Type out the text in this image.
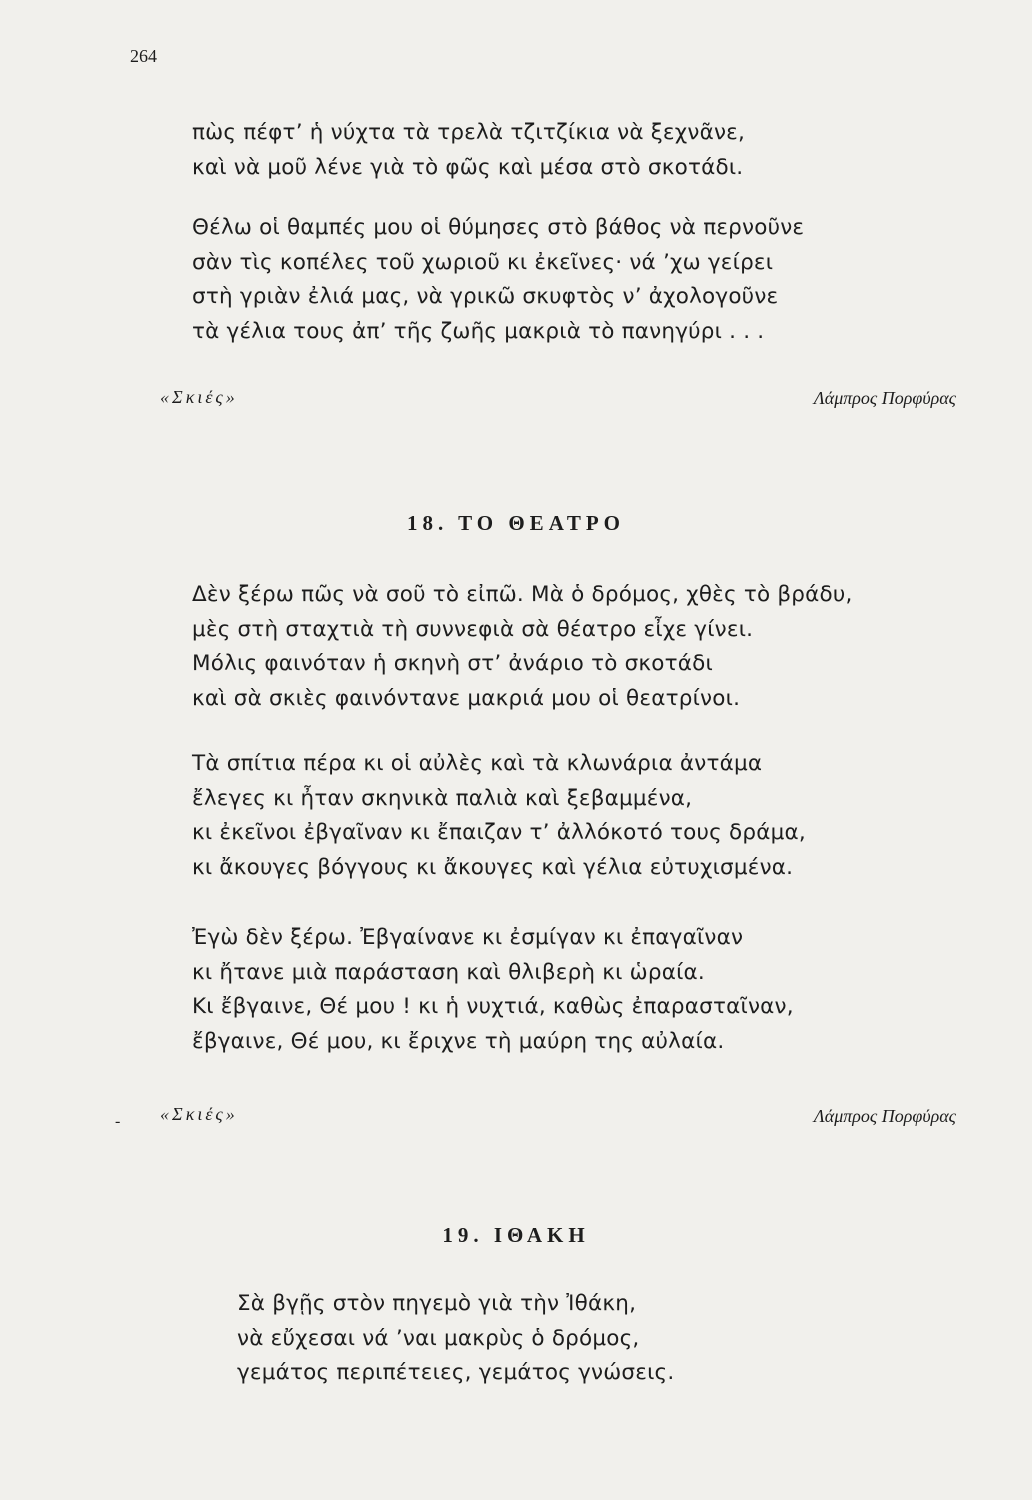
264
πὼς πέφτ’ ἡ νύχτα τὰ τρελὰ τζιτζίκια νὰ ξεχνᾶνε,
καὶ νὰ μοῦ λένε γιὰ τὸ φῶς καὶ μέσα στὸ σκοτάδι.
Θέλω οἱ θαμπές μου οἱ θύμησες στὸ βάθος νὰ περνοῦνε
σὰν τὶς κοπέλες τοῦ χωριοῦ κι ἐκεῖνες· νά ’χω γείρει
στὴ γριὰν ἐλιά μας, νὰ γρικῶ σκυφτὸς ν’ ἀχολογοῦνε
τὰ γέλια τους ἀπ’ τῆς ζωῆς μακριὰ τὸ πανηγύρι . . .
«Σκιές»	Λάμπρος Πορφύρας
18. ΤΟ ΘΕΑΤΡΟ
Δὲν ξέρω πῶς νὰ σοῦ τὸ εἰπῶ. Μὰ ὁ δρόμος, χθὲς τὸ βράδυ,
μὲς στὴ σταχτιὰ τὴ συννεφιὰ σὰ θέατρο εἶχε γίνει.
Μόλις φαινόταν ἡ σκηνὴ στ’ ἀνάριο τὸ σκοτάδι
καὶ σὰ σκιὲς φαινόντανε μακριά μου οἱ θεατρίνοι.
Τὰ σπίτια πέρα κι οἱ αὐλὲς καὶ τὰ κλωνάρια ἀντάμα
ἔλεγες κι ἦταν σκηνικὰ παλιὰ καὶ ξεβαμμένα,
κι ἐκεῖνοι ἐβγαῖναν κι ἔπαιζαν τ’ ἀλλόκοτό τους δράμα,
κι ἄκουγες βόγγους κι ἄκουγες καὶ γέλια εὐτυχισμένα.
Ἐγὼ δὲν ξέρω. Ἐβγαίνανε κι ἐσμίγαν κι ἐπαγαῖναν
κι ἤτανε μιὰ παράσταση καὶ θλιβερὴ κι ὡραία.
Κι ἔβγαινε, Θέ μου ! κι ἡ νυχτιά, καθὼς ἐπαρασταῖναν,
ἔβγαινε, Θέ μου, κι ἔριχνε τὴ μαύρη της αὐλαία.
‐ «Σκιές»	Λάμπρος Πορφύρας
19. ΙΘΑΚΗ
Σὰ βγῇς στὸν πηγεμὸ γιὰ τὴν Ἰθάκη,
νὰ εὔχεσαι νά ’ναι μακρὺς ὁ δρόμος,
γεμάτος περιπέτειες, γεμάτος γνώσεις.
